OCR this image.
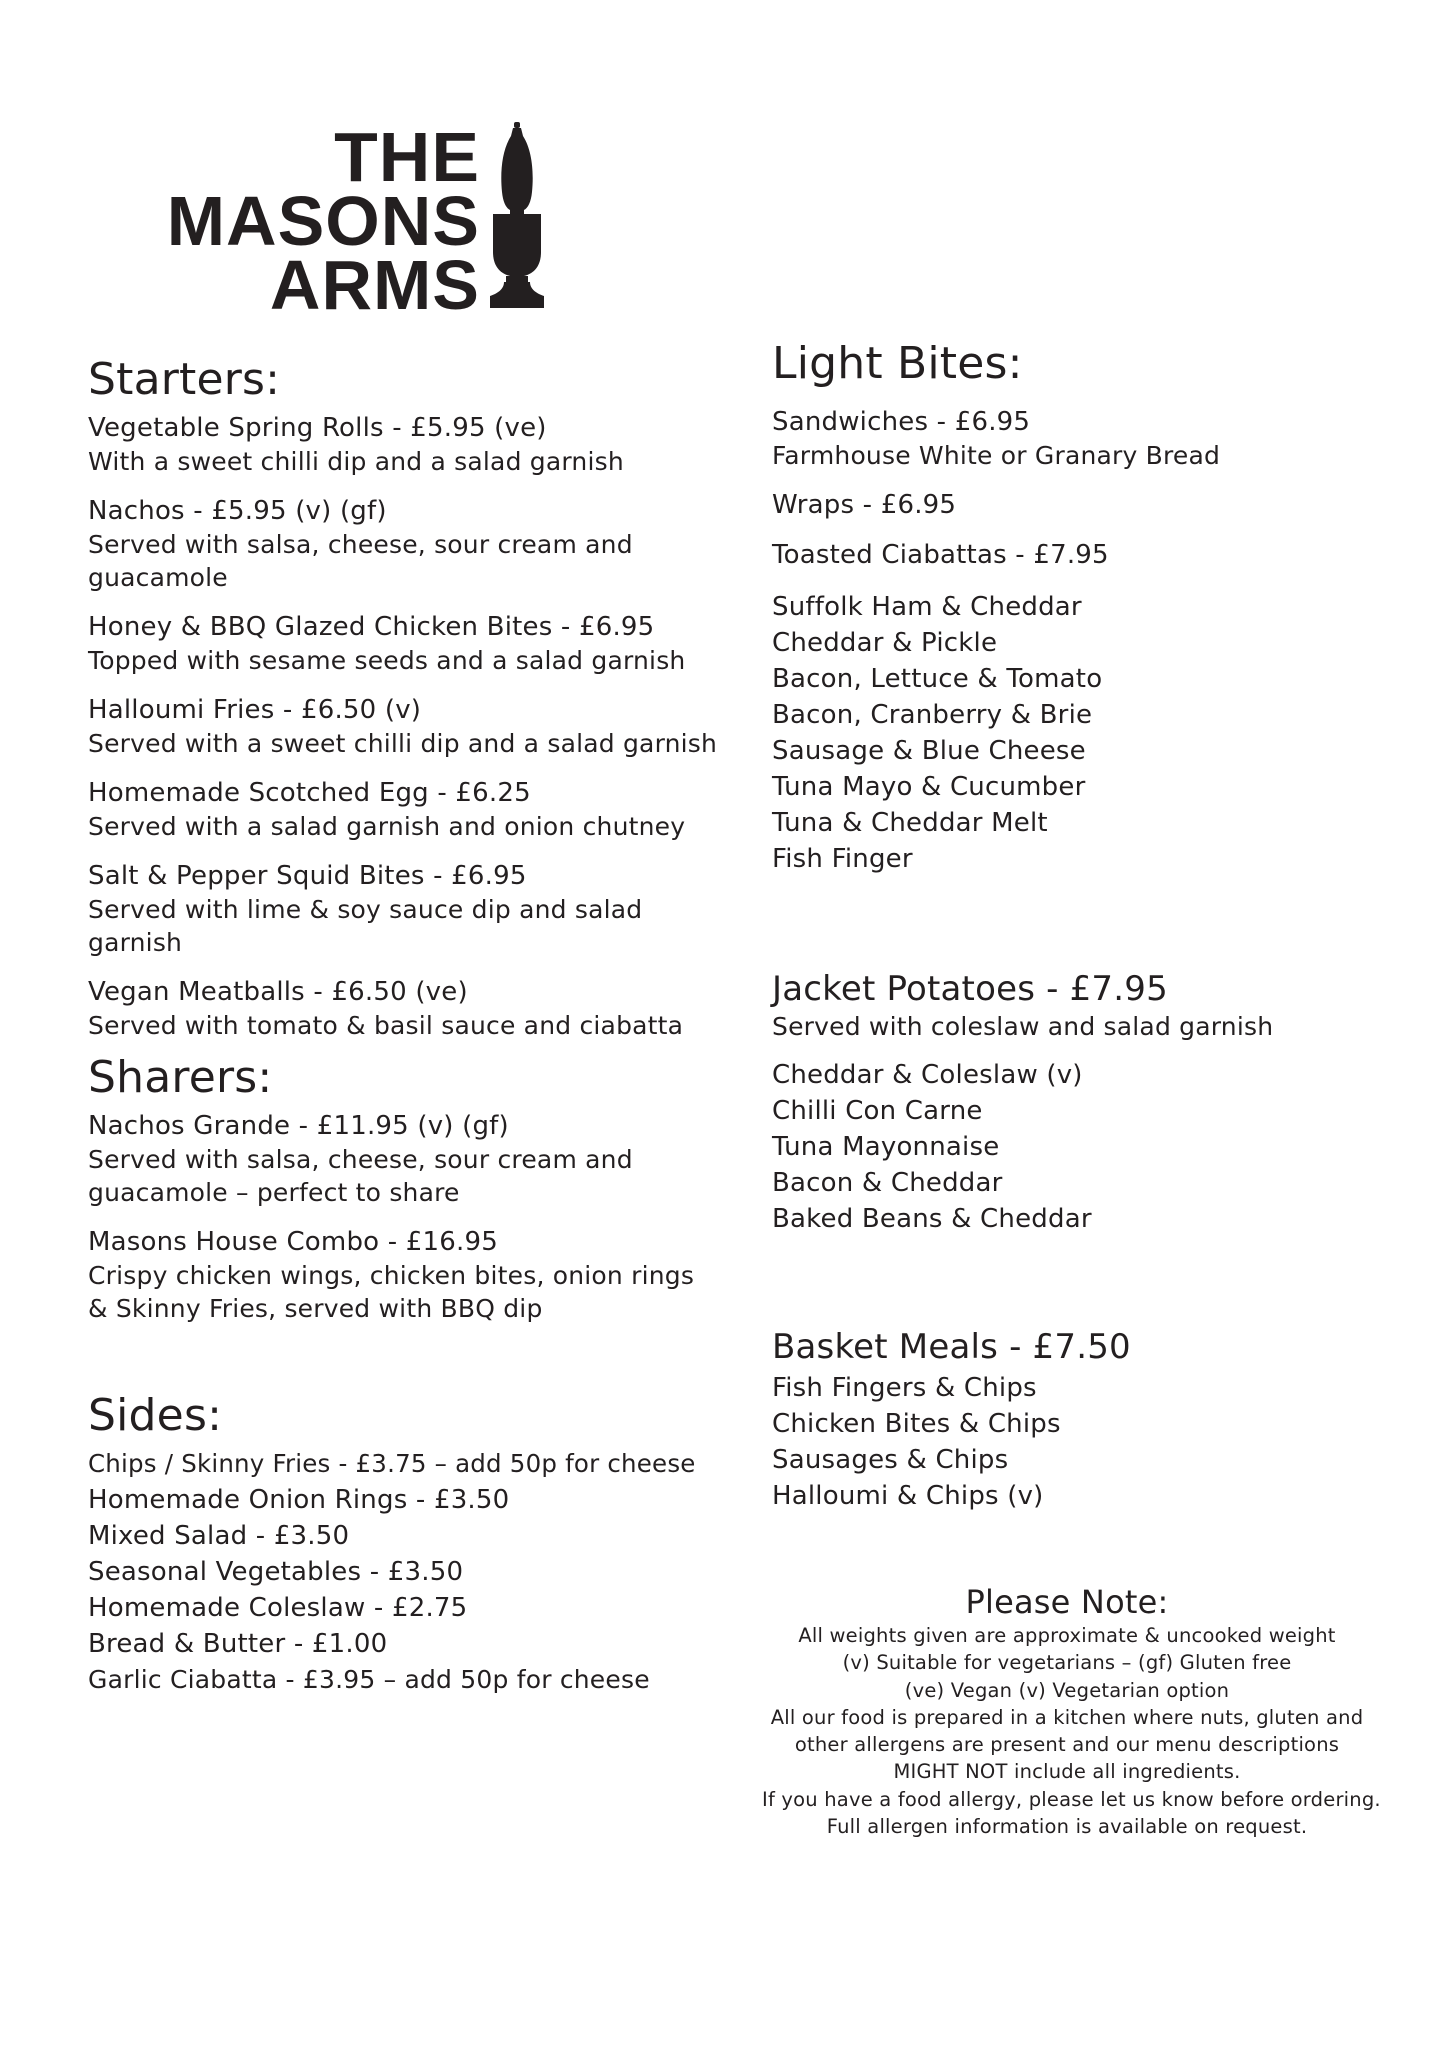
THE
MASONS
ARMS
Starters:
Vegetable Spring Rolls - £5.95 (ve)
With a sweet chilli dip and a salad garnish
Nachos - £5.95 (v) (gf)
Served with salsa, cheese, sour cream and guacamole
Honey & BBQ Glazed Chicken Bites - £6.95
Topped with sesame seeds and a salad garnish
Halloumi Fries - £6.50 (v)
Served with a sweet chilli dip and a salad garnish
Homemade Scotched Egg - £6.25
Served with a salad garnish and onion chutney
Salt & Pepper Squid Bites - £6.95
Served with lime & soy sauce dip and salad garnish
Vegan Meatballs - £6.50 (ve)
Served with tomato & basil sauce and ciabatta
Sharers:
Nachos Grande - £11.95 (v) (gf)
Served with salsa, cheese, sour cream and guacamole – perfect to share
Masons House Combo - £16.95
Crispy chicken wings, chicken bites, onion rings & Skinny Fries, served with BBQ dip
Sides:
Chips / Skinny Fries - £3.75 – add 50p for cheese
Homemade Onion Rings - £3.50
Mixed Salad - £3.50
Seasonal Vegetables - £3.50
Homemade Coleslaw - £2.75
Bread & Butter - £1.00
Garlic Ciabatta - £3.95 – add 50p for cheese
Light Bites:
Sandwiches - £6.95
Farmhouse White or Granary Bread
Wraps - £6.95
Toasted Ciabattas - £7.95
Suffolk Ham & Cheddar
Cheddar & Pickle
Bacon, Lettuce & Tomato
Bacon, Cranberry & Brie
Sausage & Blue Cheese
Tuna Mayo & Cucumber
Tuna & Cheddar Melt
Fish Finger
Jacket Potatoes - £7.95
Served with coleslaw and salad garnish
Cheddar & Coleslaw (v)
Chilli Con Carne
Tuna Mayonnaise
Bacon & Cheddar
Baked Beans & Cheddar
Basket Meals - £7.50
Fish Fingers & Chips
Chicken Bites & Chips
Sausages & Chips
Halloumi & Chips (v)
Please Note:
All weights given are approximate & uncooked weight
(v) Suitable for vegetarians – (gf) Gluten free
(ve) Vegan (v) Vegetarian option
All our food is prepared in a kitchen where nuts, gluten and
other allergens are present and our menu descriptions
MIGHT NOT include all ingredients.
If you have a food allergy, please let us know before ordering.
Full allergen information is available on request.
